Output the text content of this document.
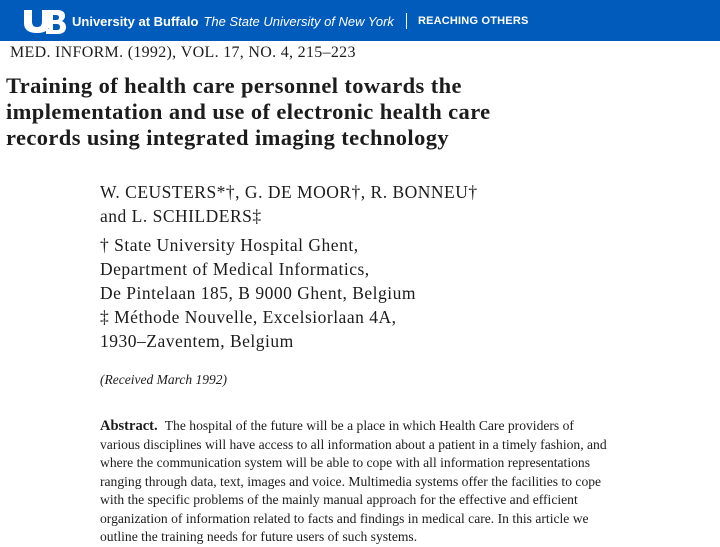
University at Buffalo The State University of New York REACHING OTHERS
MED. INFORM. (1992), VOL. 17, NO. 4, 215–223
Training of health care personnel towards the
implementation and use of electronic health care
records using integrated imaging technology
W. CEUSTERS*†, G. DE MOOR†, R. BONNEU†
and L. SCHILDERS‡
† State University Hospital Ghent,
Department of Medical Informatics,
De Pintelaan 185, B 9000 Ghent, Belgium
‡ Méthode Nouvelle, Excelsiorlaan 4A,
1930–Zaventem, Belgium
(Received March 1992)
Abstract. The hospital of the future will be a place in which Health Care providers of
various disciplines will have access to all information about a patient in a timely fashion, and
where the communication system will be able to cope with all information representations
ranging through data, text, images and voice. Multimedia systems offer the facilities to cope
with the specific problems of the mainly manual approach for the effective and efficient
organization of information related to facts and findings in medical care. In this article we
outline the training needs for future users of such systems.
